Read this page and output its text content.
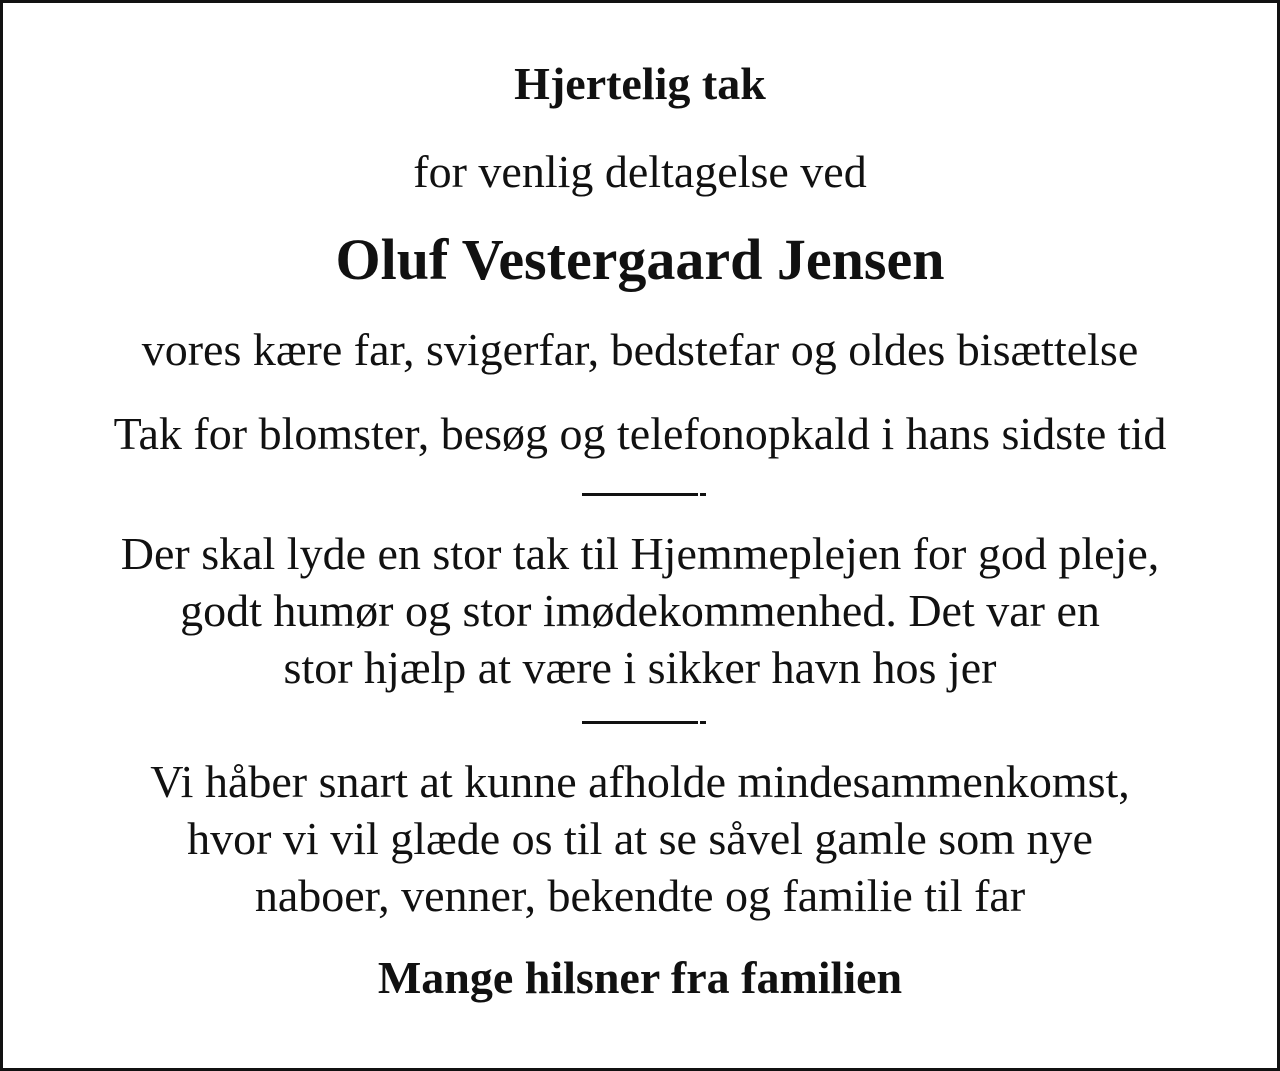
Hjertelig tak

for venlig deltagelse ved

Oluf Vestergaard Jensen

vores kære far, svigerfar, bedstefar og oldes bisættelse

Tak for blomster, besøg og telefonopkald i hans sidste tid

Der skal lyde en stor tak til Hjemmeplejen for god pleje,
godt humør og stor imødekommenhed. Det var en
stor hjælp at være i sikker havn hos jer
Vi håber snart at kunne afholde mindesammenkomst,
hvor vi vil glæde os til at se såvel gamle som nye
naboer, venner, bekendte og familie til far

Mange hilsner fra familien
